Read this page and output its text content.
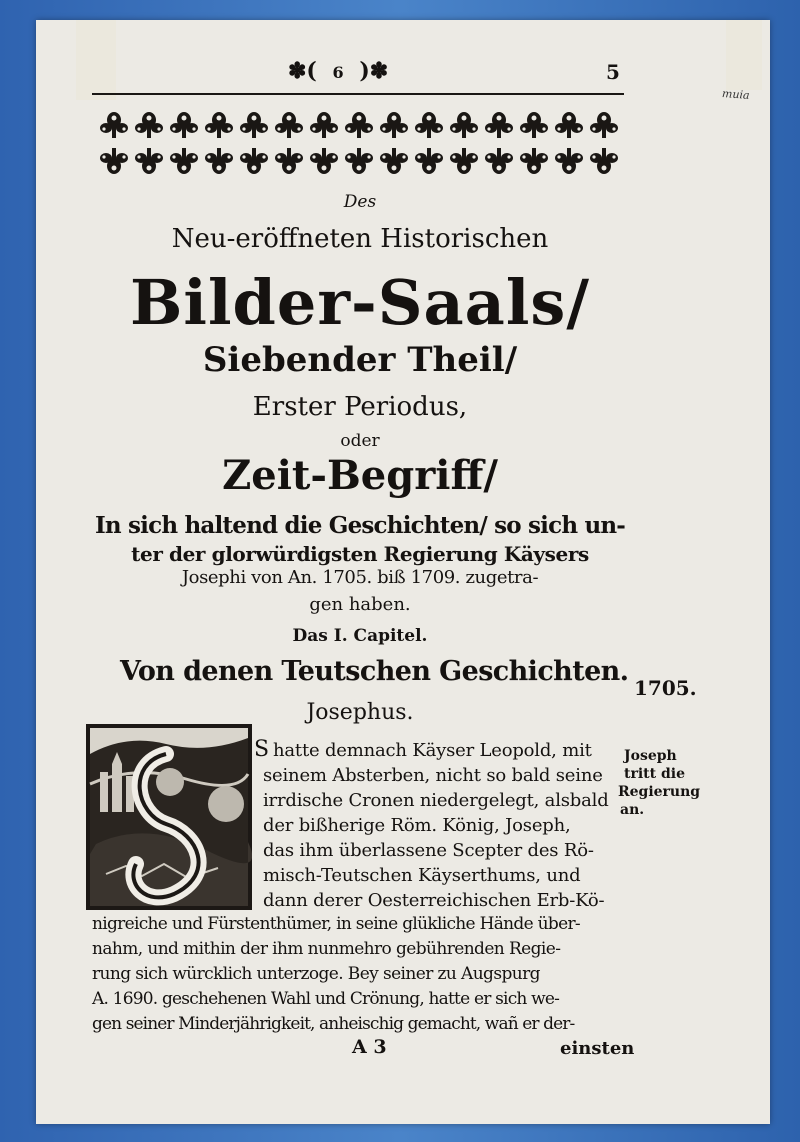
muia
✽( 6 )✽	5
Des
Neu-eröffneten Historischen
Bilder-Saals/
Siebender Theil/
Erster Periodus,
oder
Zeit-Begriff/
In sich haltend die Geschichten/ so sich un-
ter der glorwürdigsten Regierung Käysers
Josephi von An. 1705. biß 1709. zugetra-
gen haben.
Das I. Capitel.
Von denen Teutschen Geschichten.
1705.
Josephus.
S hatte demnach Käyser Leopold, mit
seinem Absterben, nicht so bald seine
irrdische Cronen niedergelegt, alsbald
der bißherige Röm. König, Joseph,
das ihm überlassene Scepter des Rö-
misch-Teutschen Käyserthums, und
dann derer Oesterreichischen Erb-Kö-
nigreiche und Fürstenthümer, in seine glükliche Hände über-
nahm, und mithin der ihm nunmehro gebührenden Regie-
rung sich würcklich unterzoge. Bey seiner zu Augspurg
A. 1690. geschehenen Wahl und Crönung, hatte er sich we-
gen seiner Minderjährigkeit, anheischig gemacht, wañ er der-
Joseph
tritt die
Regierung
an.
A 3	einsten
